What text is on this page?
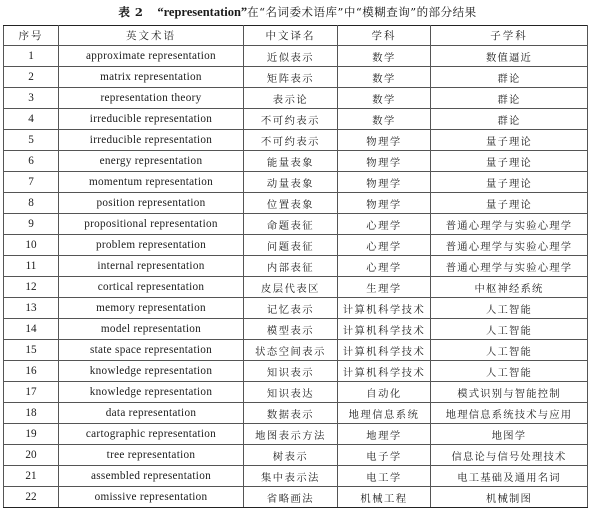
表 2 “representation” 在“名词委术语库”中“模糊查询”的部分结果
序号	英文术语	中文译名	学科	子学科
1	approximate representation	近似表示	数学	数值逼近
2	matrix representation	矩阵表示	数学	群论
3	representation theory	表示论	数学	群论
4	irreducible representation	不可约表示	数学	群论
5	irreducible representation	不可约表示	物理学	量子理论
6	energy representation	能量表象	物理学	量子理论
7	momentum representation	动量表象	物理学	量子理论
8	position representation	位置表象	物理学	量子理论
9	propositional representation	命题表征	心理学	普通心理学与实验心理学
10	problem representation	问题表征	心理学	普通心理学与实验心理学
11	internal representation	内部表征	心理学	普通心理学与实验心理学
12	cortical representation	皮层代表区	生理学	中枢神经系统
13	memory representation	记忆表示	计算机科学技术	人工智能
14	model representation	模型表示	计算机科学技术	人工智能
15	state space representation	状态空间表示	计算机科学技术	人工智能
16	knowledge representation	知识表示	计算机科学技术	人工智能
17	knowledge representation	知识表达	自动化	模式识别与智能控制
18	data representation	数据表示	地理信息系统	地理信息系统技术与应用
19	cartographic representation	地图表示方法	地理学	地图学
20	tree representation	树表示	电子学	信息论与信号处理技术
21	assembled representation	集中表示法	电工学	电工基础及通用名词
22	omissive representation	省略画法	机械工程	机械制图
